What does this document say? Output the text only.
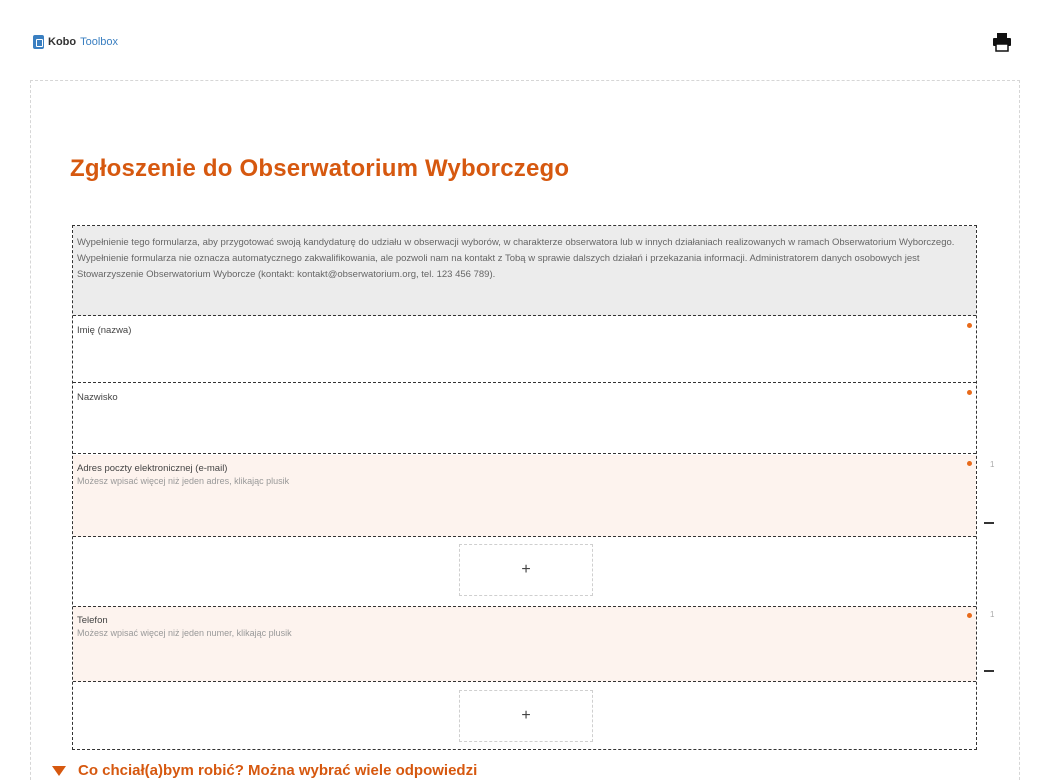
Kobo Toolbox
Zgłoszenie do Obserwatorium Wyborczego
Wypełnienie tego formularza, aby przygotować swoją kandydaturę do udziału w obserwacji wyborów, w charakterze obserwatora lub w innych działaniach realizowanych w ramach Obserwatorium Wyborczego. Wypełnienie formularza nie oznacza automatycznego zakwalifikowania, ale pozwoli nam na kontakt z Tobą w sprawie dalszych działań i przekazania informacji. Administratorem danych osobowych jest Stowarzyszenie Obserwatorium Wyborcze (kontakt: kontakt@obserwatorium.org, tel. 123 456 789).
Imię (nazwa)
Nazwisko
Adres poczty elektronicznej (e-mail)
Możesz wpisać więcej niż jeden adres, klikając plusik
+
Telefon
Możesz wpisać więcej niż jeden numer, klikając plusik
+
1
1
Co chciał(a)bym robić? Można wybrać wiele odpowiedzi
